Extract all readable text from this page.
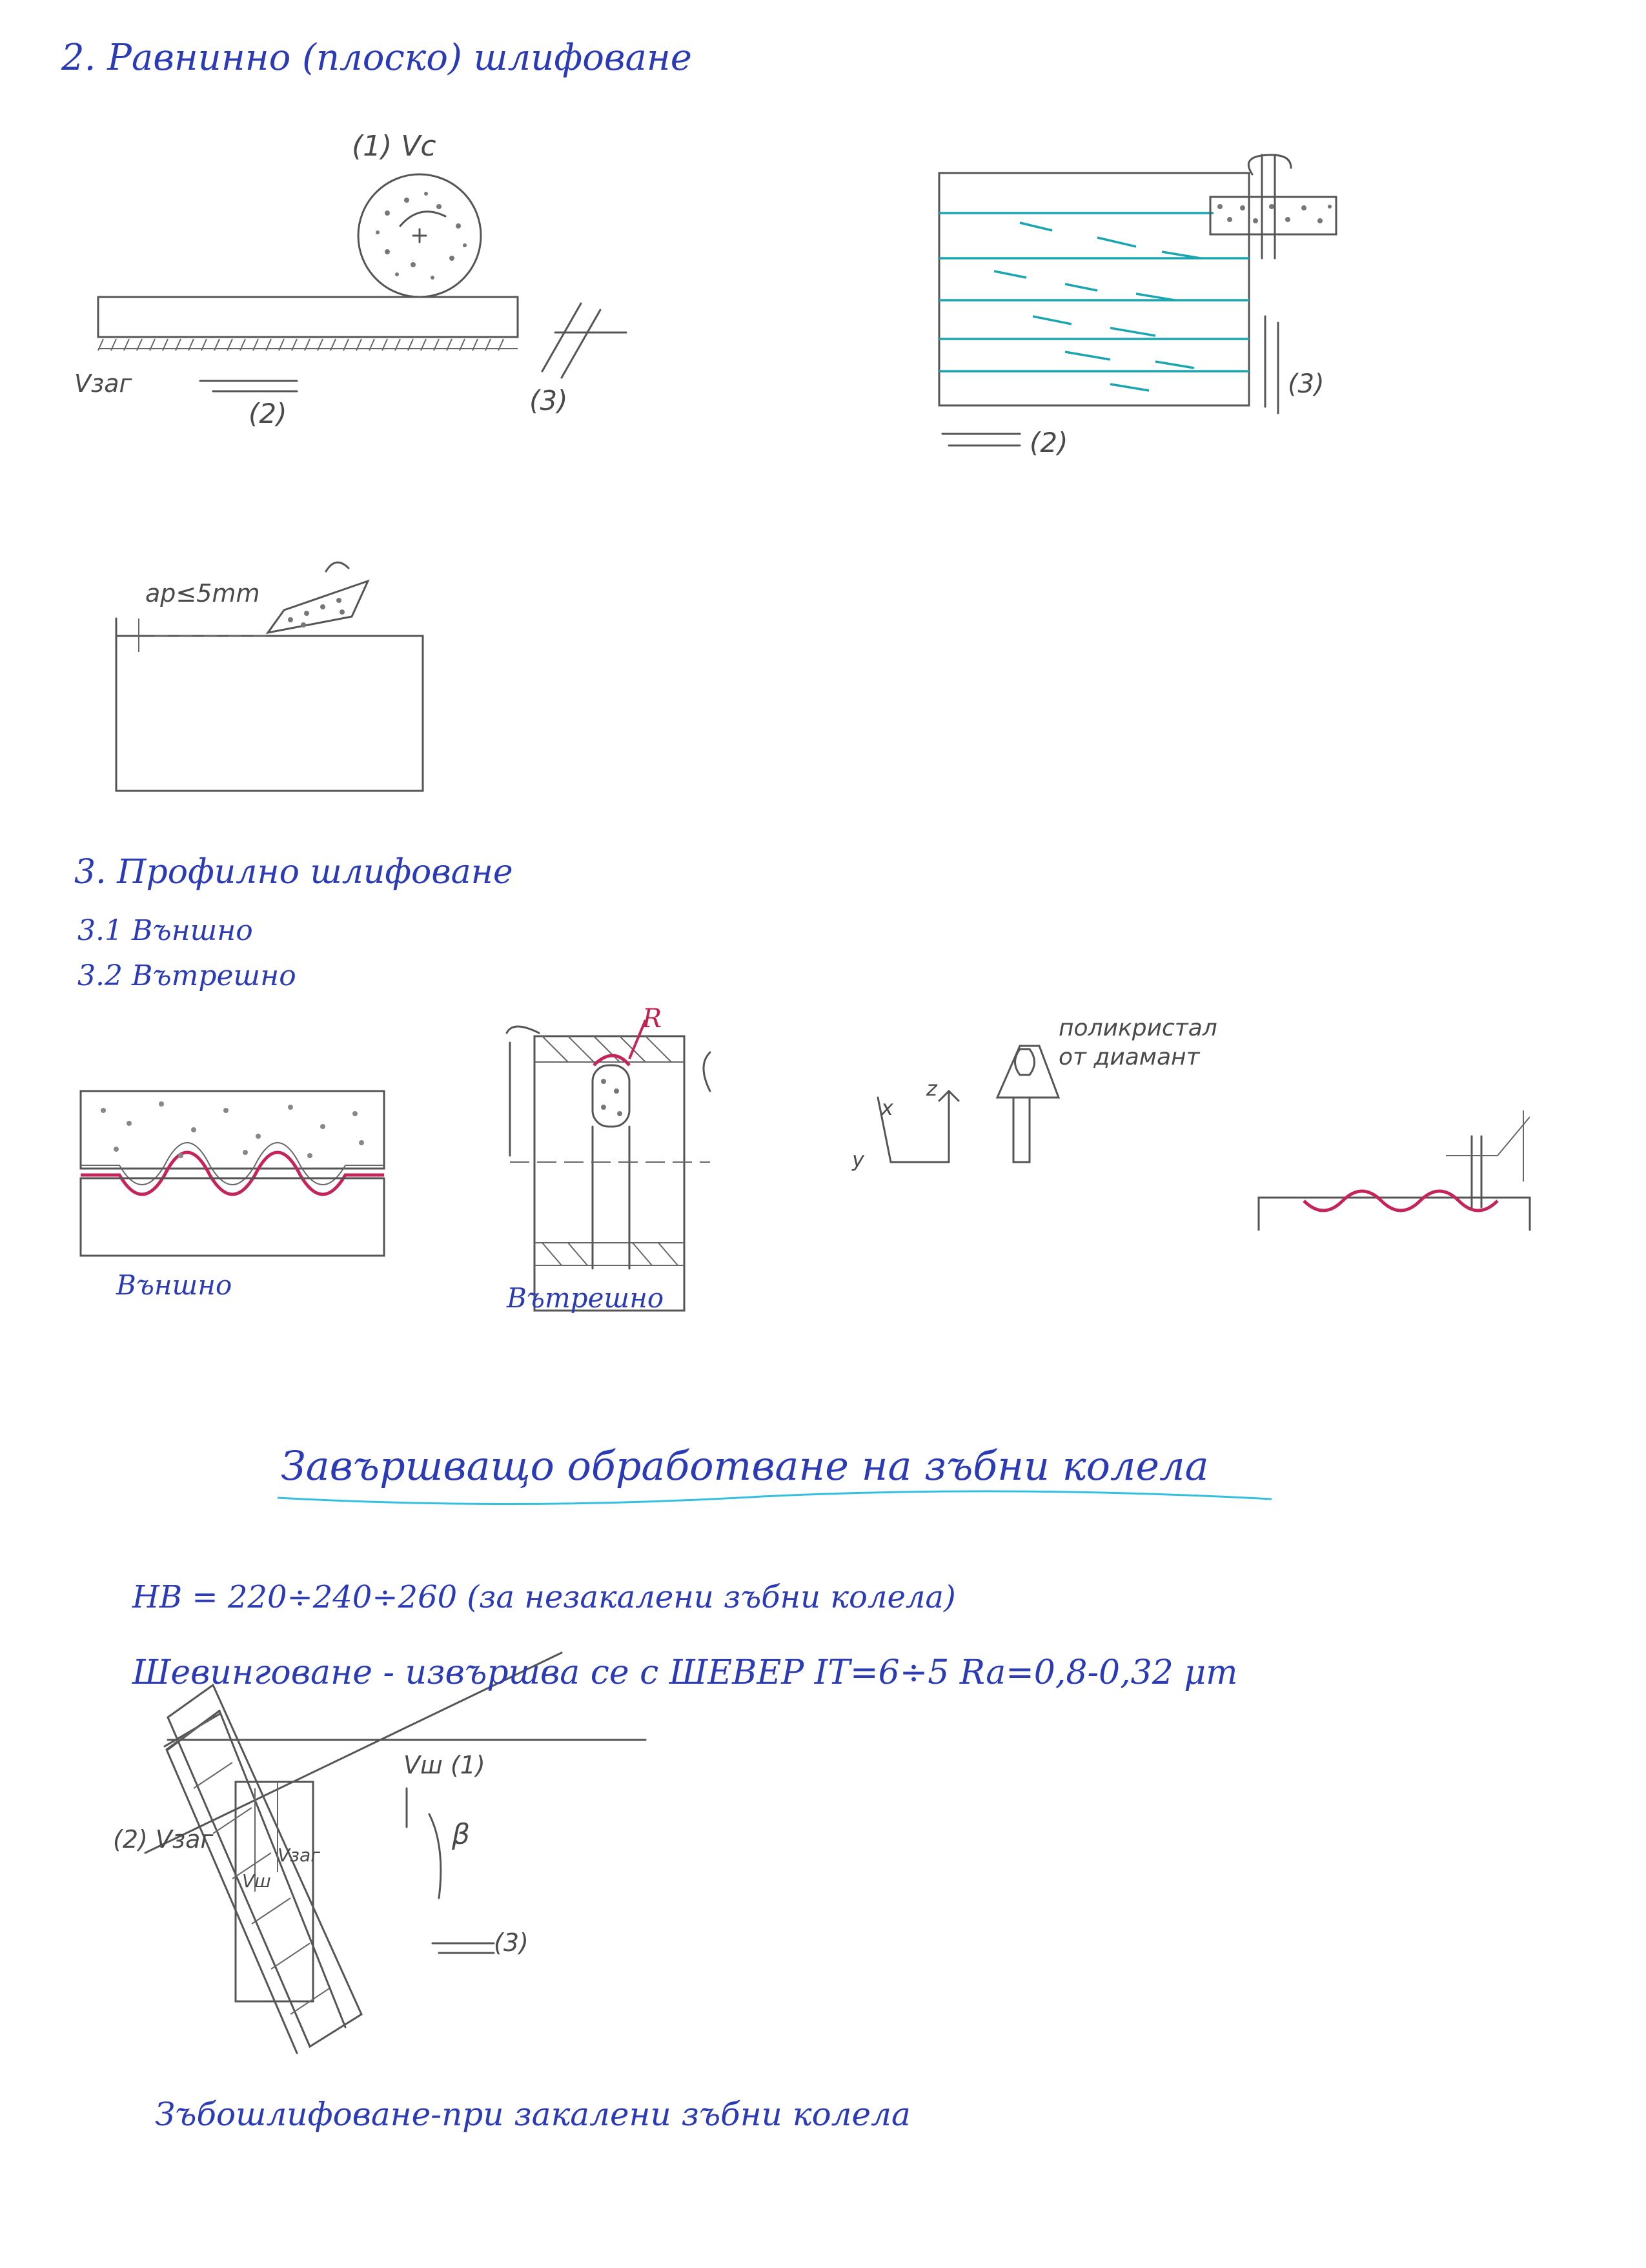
2. Равнинно (плоско) шлифоване
(1) Vc
Vзаг
(2)	(3)
(3)
(2)
ap≤5mm
3. Профилно шлифоване
3.1 Външно
3.2 Вътрешно
Външно	Вътрешно
R	поликристал
от диамант
x
y
z
Завършващо обработване на зъбни колела
HB = 220÷240÷260 (за незакалени зъбни колела)
Шевинговане - извършва се с ШЕВЕР IT=6÷5 Ra=0,8-0,32 μm
Vш (1)
(2) Vзаг
Vш
Vзаг
β
(3)
Зъбошлифоване-при закалени зъбни колела
